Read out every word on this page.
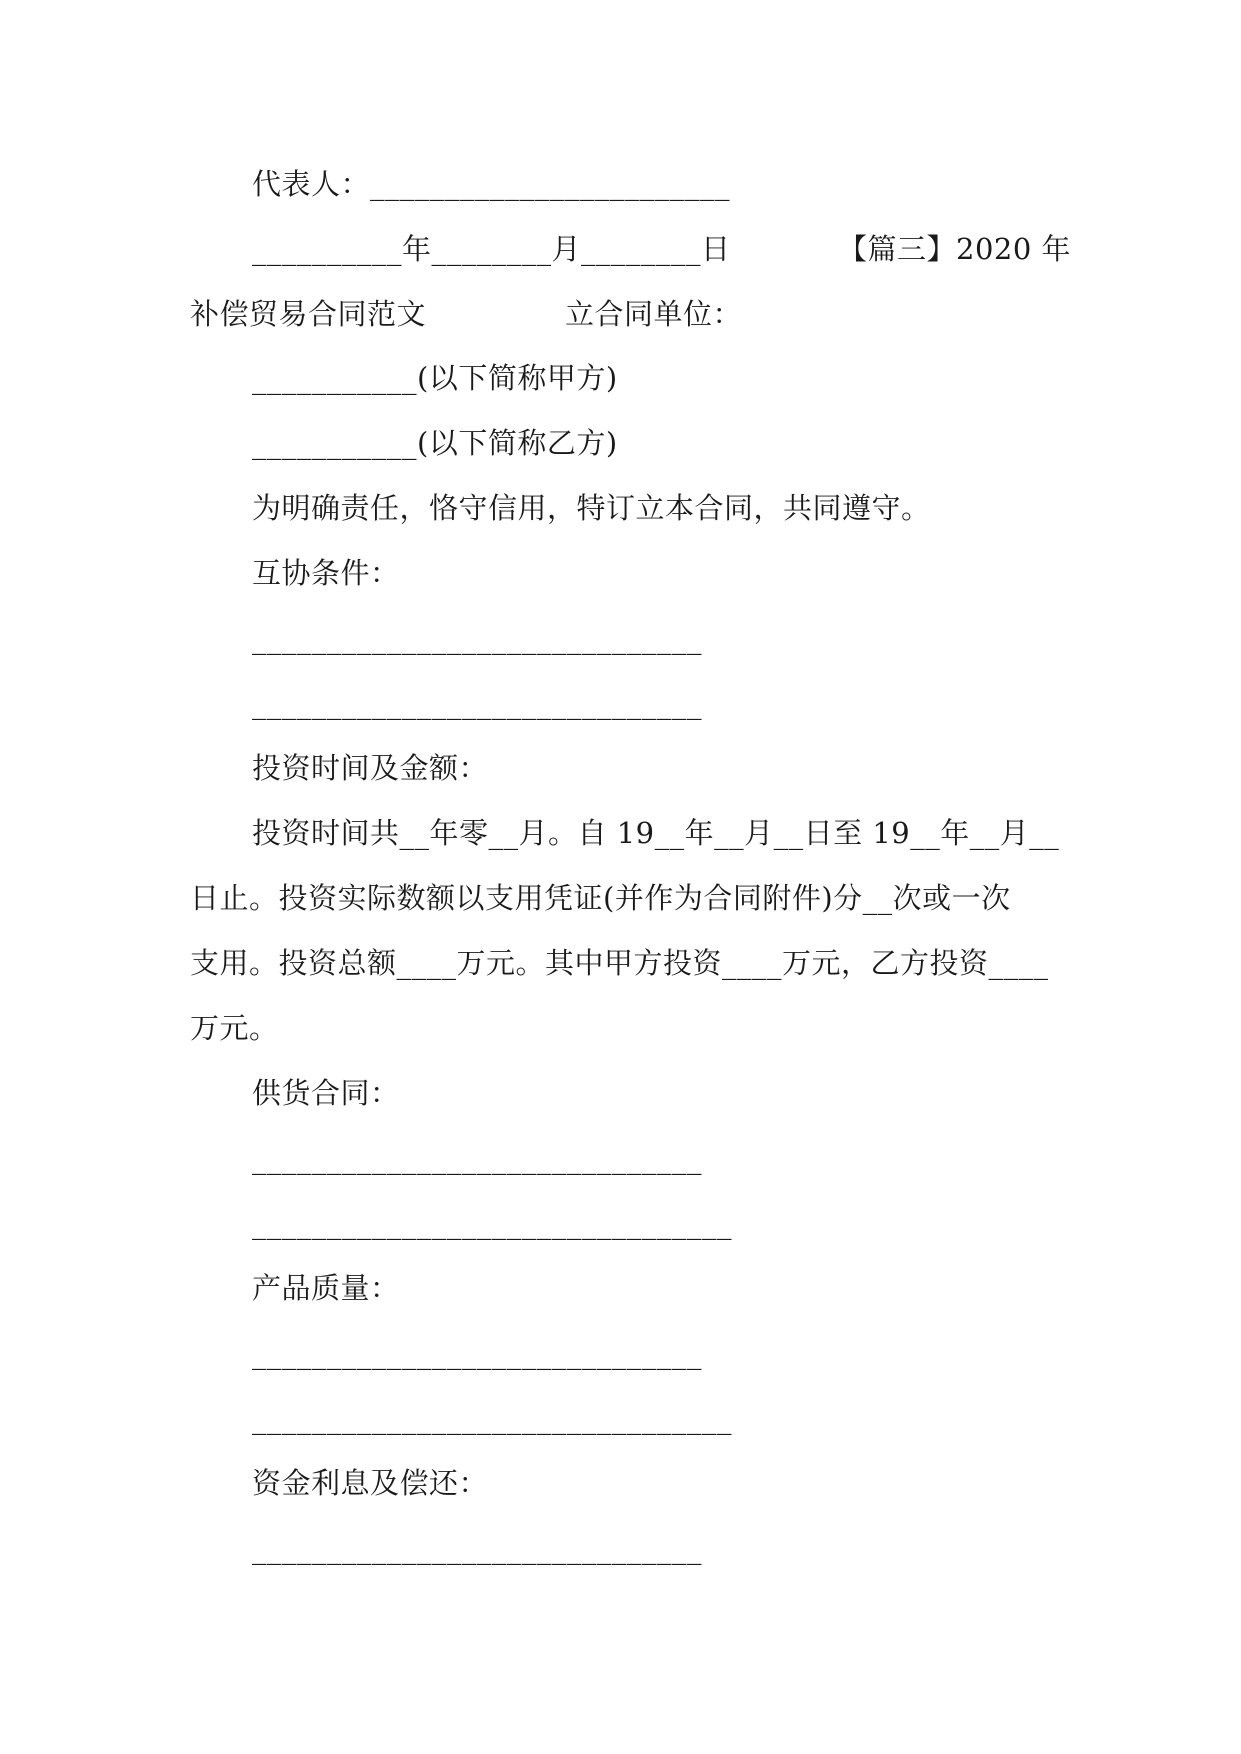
代表人：________________________
__________年________月________日	【篇三】2020 年
补偿贸易合同范文	立合同单位：
___________(以下简称甲方)
___________(以下简称乙方)
为明确责任，恪守信用，特订立本合同，共同遵守。
互协条件：
______________________________
______________________________
投资时间及金额：
投资时间共__年零__月。自 19__年__月__日至 19__年__月__
日止。投资实际数额以支用凭证(并作为合同附件)分__次或一次
支用。投资总额____万元。其中甲方投资____万元，乙方投资____
万元。
供货合同：
______________________________
________________________________
产品质量：
______________________________
________________________________
资金利息及偿还：
______________________________
